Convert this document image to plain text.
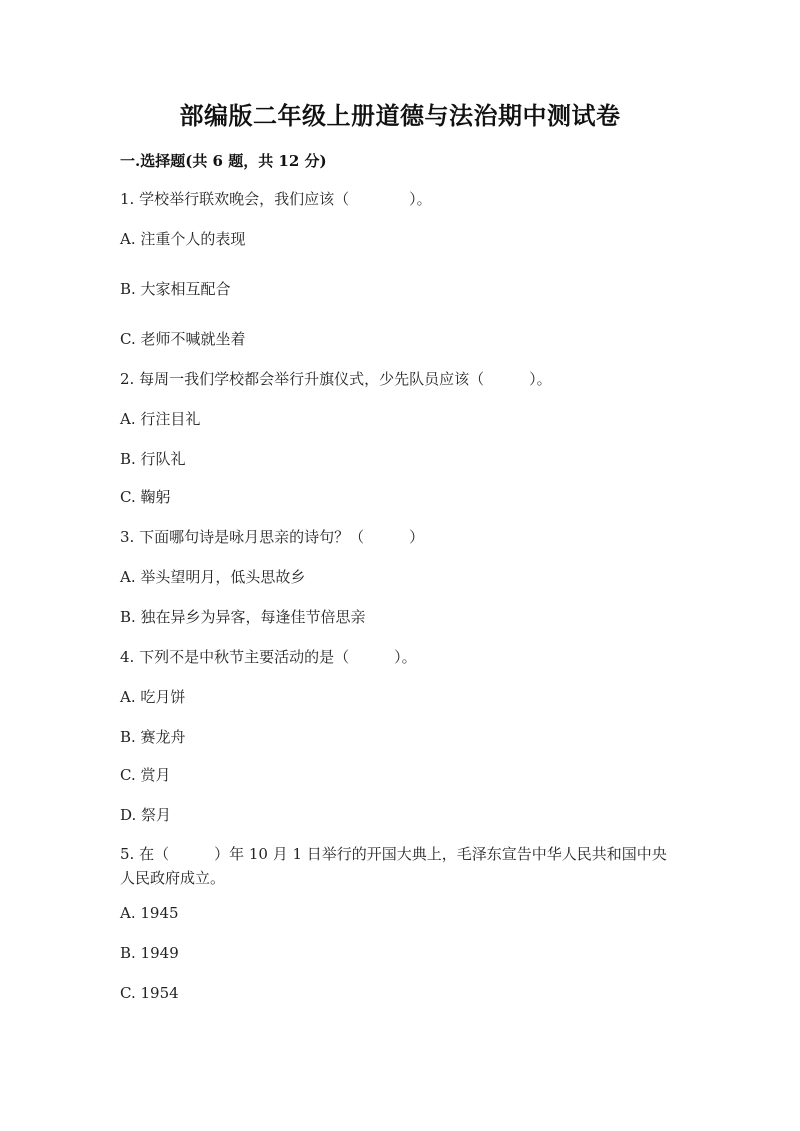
部编版二年级上册道德与法治期中测试卷
一.选择题(共 6 题，共 12 分)
1. 学校举行联欢晚会，我们应该（　　　　）。
A. 注重个人的表现
B. 大家相互配合
C. 老师不喊就坐着
2. 每周一我们学校都会举行升旗仪式，少先队员应该（　　　）。
A. 行注目礼
B. 行队礼
C. 鞠躬
3. 下面哪句诗是咏月思亲的诗句？（　　　）
A. 举头望明月，低头思故乡
B. 独在异乡为异客，每逢佳节倍思亲
4. 下列不是中秋节主要活动的是（　　　）。
A. 吃月饼
B. 赛龙舟
C. 赏月
D. 祭月
5. 在（　　　）年 10 月 1 日举行的开国大典上，毛泽东宣告中华人民共和国中央人民政府成立。
A. 1945
B. 1949
C. 1954
